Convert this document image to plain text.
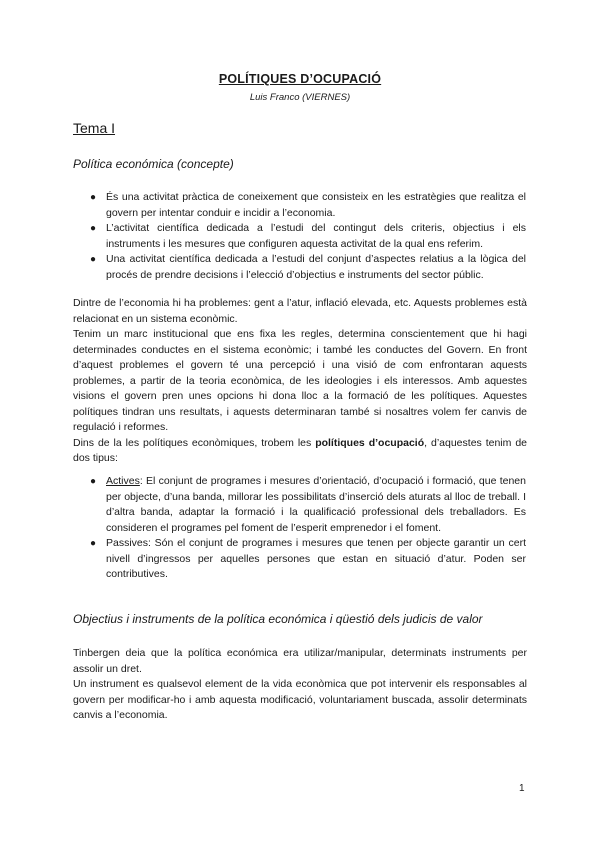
POLÍTIQUES D’OCUPACIÓ
Luis Franco (VIERNES)
Tema I
Política económica (concepte)
● És una activitat pràctica de coneixement que consisteix en les estratègies que realitza el govern per intentar conduir e incidir a l’economia.
● L’activitat científica dedicada a l’estudi del contingut dels criteris, objectius i els instruments i les mesures que configuren aquesta activitat de la qual ens referim.
● Una activitat científica dedicada a l’estudi del conjunt d’aspectes relatius a la lògica del procés de prendre decisions i l’elecció d’objectius e instruments del sector públic.

Dintre de l’economia hi ha problemes: gent a l’atur, inflació elevada, etc. Aquests problemes està relacionat en un sistema econòmic.

Tenim un marc institucional que ens fixa les regles, determina conscientement que hi hagi determinades conductes en el sistema econòmic; i també les conductes del Govern. En front d’aquest problemes el govern té una percepció i una visió de com enfrontaran aquests problemes, a partir de la teoria econòmica, de les ideologies i els interessos. Amb aquestes visions el govern pren unes opcions hi dona lloc a la formació de les polítiques. Aquestes polítiques tindran uns resultats, i aquests determinaran també si nosaltres volem fer canvis de regulació i reformes.

Dins de la les polítiques econòmiques, trobem les polítiques d’ocupació, d’aquestes tenim de dos tipus:

● Actives: El conjunt de programes i mesures d’orientació, d’ocupació i formació, que tenen per objecte, d’una banda, millorar les possibilitats d’inserció dels aturats al lloc de treball. I d’altra banda, adaptar la formació i la qualificació professional dels treballadors. Es consideren el programes pel foment de l’esperit emprenedor i el foment.
● Passives: Són el conjunt de programes i mesures que tenen per objecte garantir un cert nivell d’ingressos per aquelles persones que estan en situació d’atur. Poden ser contributives.
Objectius i instruments de la política económica i qüestió dels judicis de valor

Tinbergen deia que la política económica era utilizar/manipular, determinats instruments per assolir un dret.

Un instrument es qualsevol element de la vida econòmica que pot intervenir els responsables al govern per modificar-ho i amb aquesta modificació, voluntariament buscada, assolir determinats canvis a l’economia.

1
